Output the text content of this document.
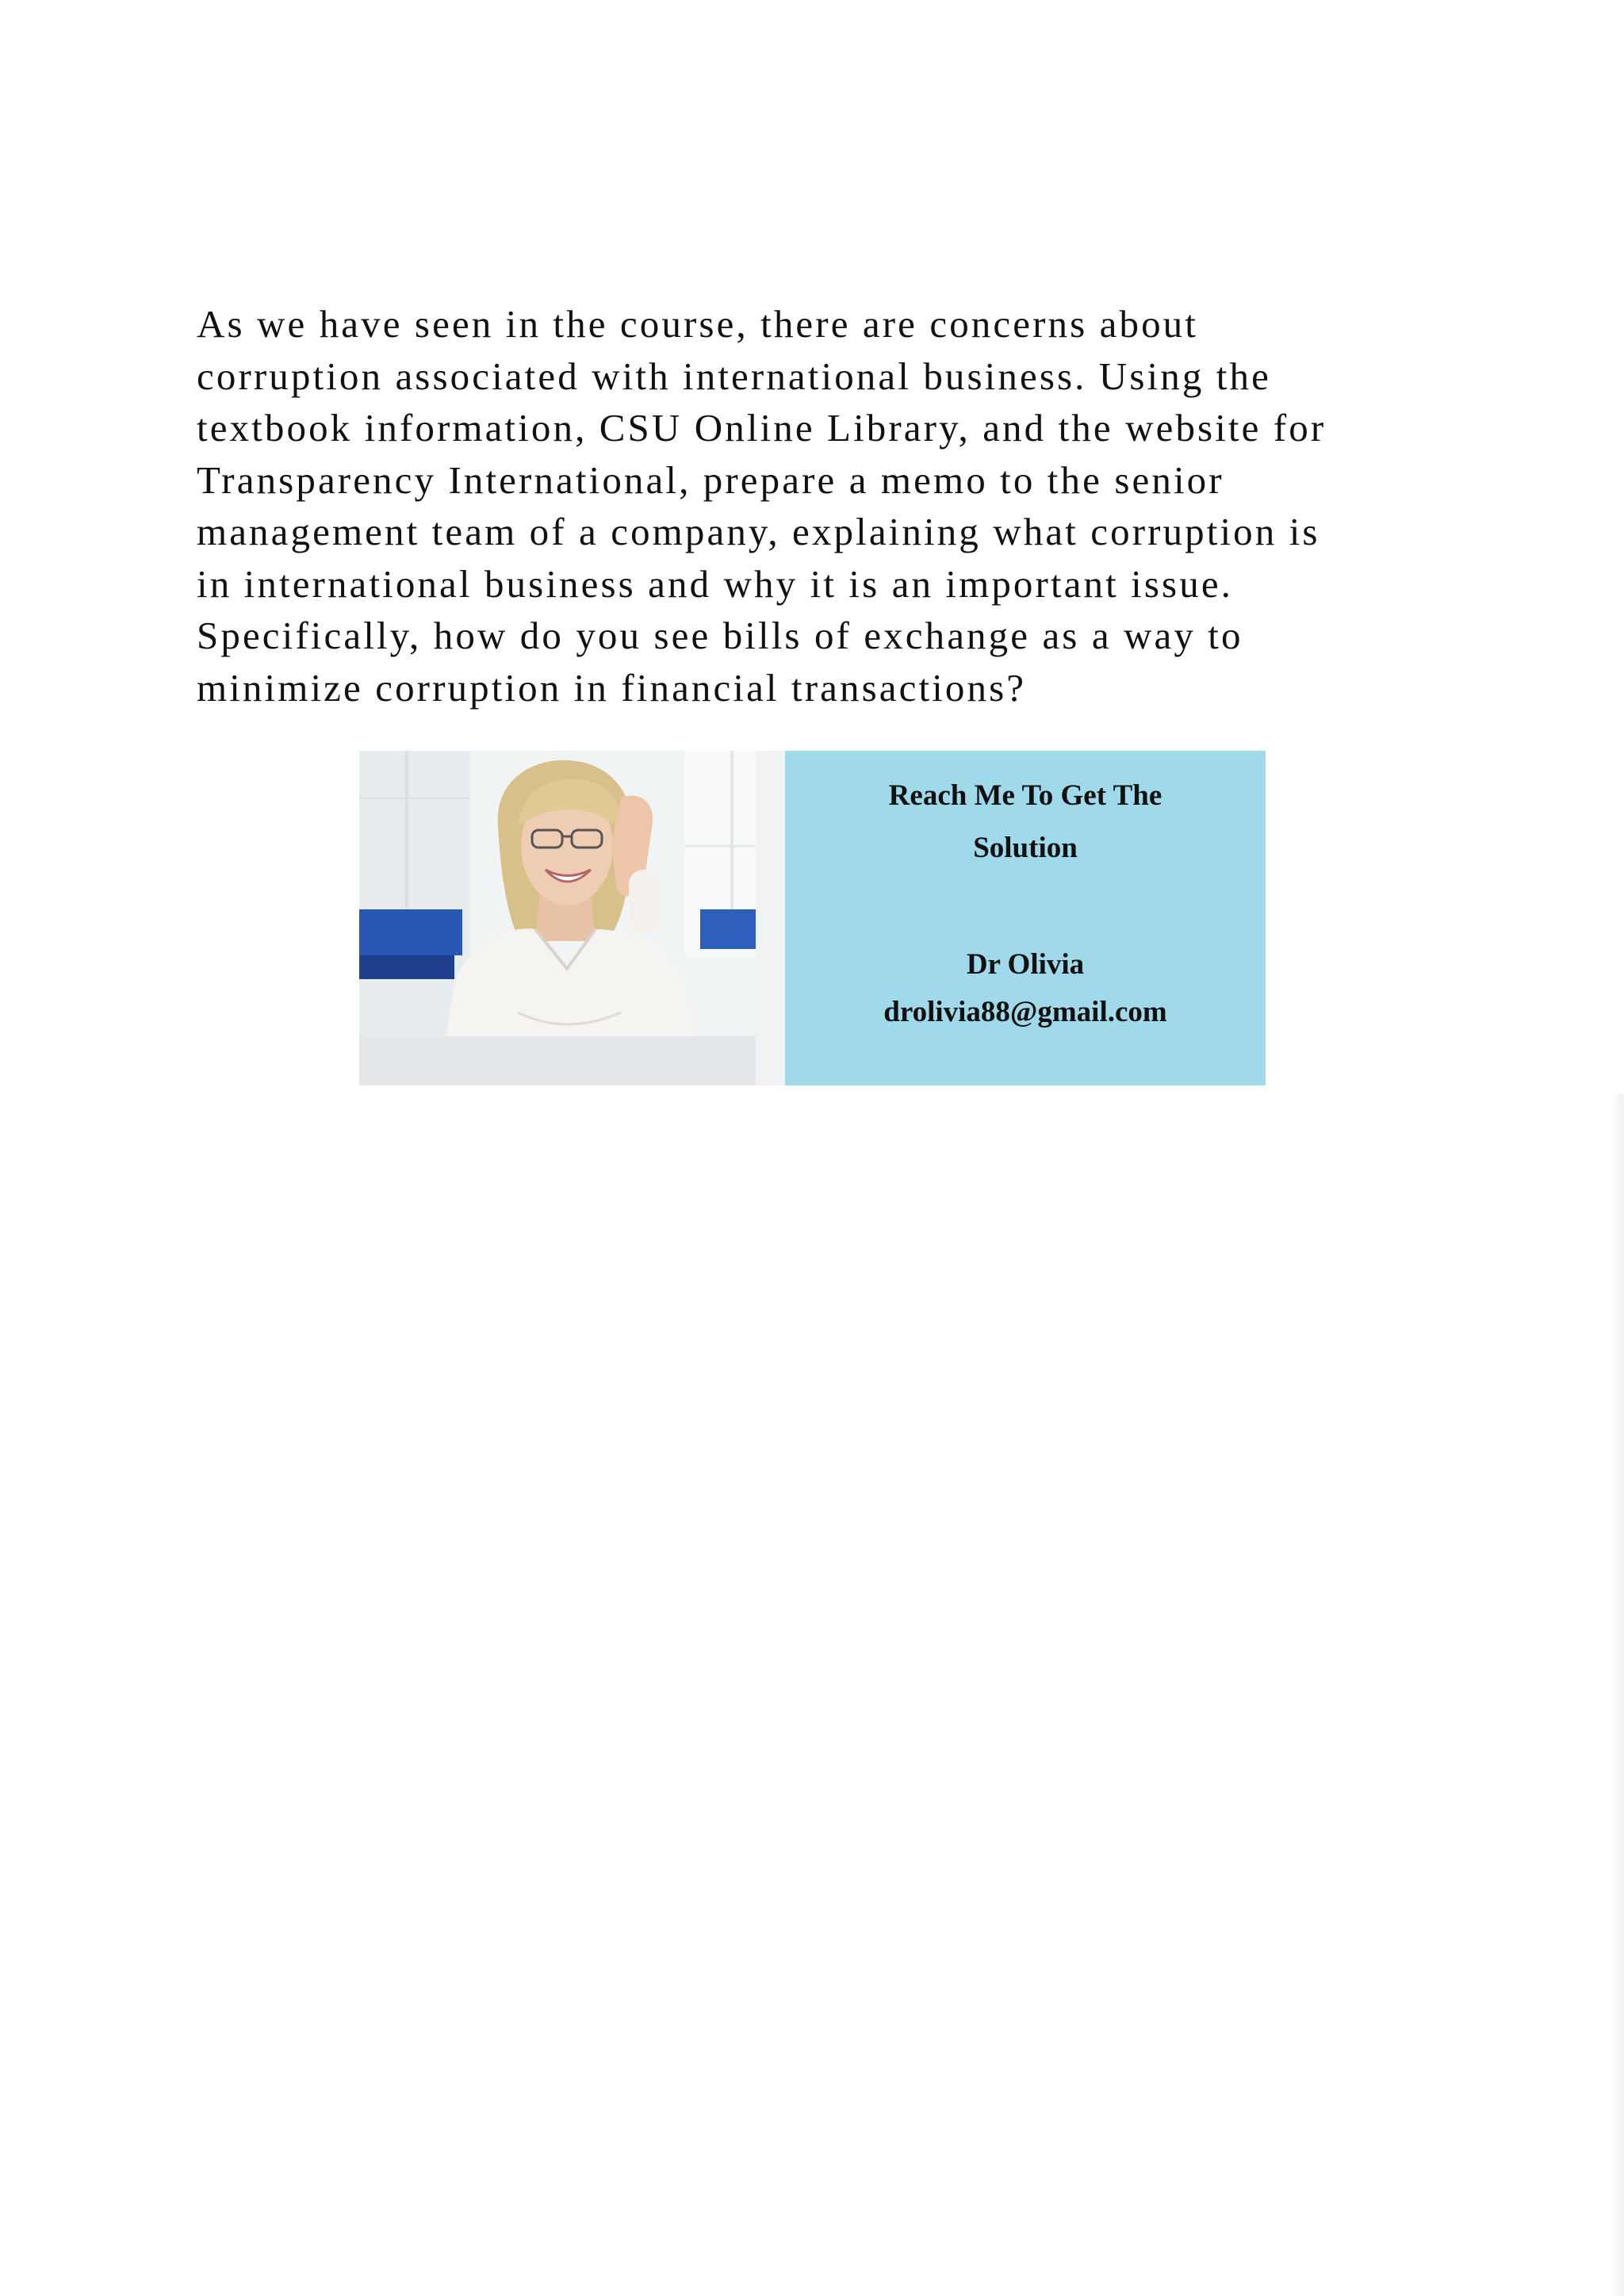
As we have seen in the course, there are concerns about
corruption associated with international business. Using the
textbook information, CSU Online Library, and the website for
Transparency International, prepare a memo to the senior
management team of a company, explaining what corruption is
in international business and why it is an important issue.
Specifically, how do you see bills of exchange as a way to
minimize corruption in financial transactions?

Reach Me To Get The
Solution
Dr Olivia
drolivia88@gmail.com
